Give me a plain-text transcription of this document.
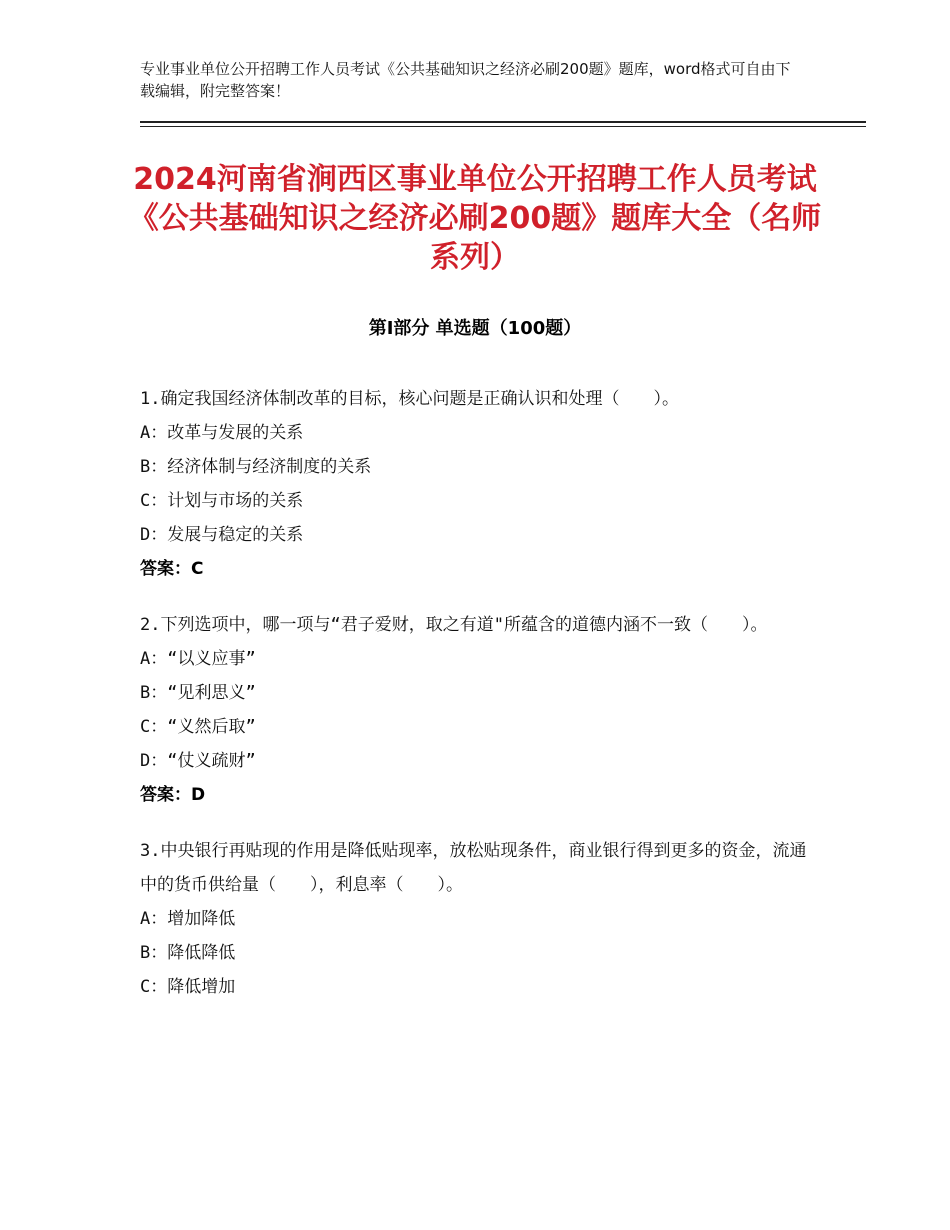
专业事业单位公开招聘工作人员考试《公共基础知识之经济必刷200题》题库，word格式可自由下载编辑，附完整答案！
2024河南省涧西区事业单位公开招聘工作人员考试《公共基础知识之经济必刷200题》题库大全（名师系列）
第Ⅰ部分 单选题（100题）

1.确定我国经济体制改革的目标，核心问题是正确认识和处理（　　）。

A：改革与发展的关系
B：经济体制与经济制度的关系
C：计划与市场的关系
D：发展与稳定的关系
答案：C

2.下列选项中，哪一项与“君子爱财，取之有道"所蕴含的道德内涵不一致（　　）。

A：“以义应事”
B：“见利思义”
C：“义然后取”
D：“仗义疏财”
答案：D

3.中央银行再贴现的作用是降低贴现率，放松贴现条件，商业银行得到更多的资金，流通中的货币供给量（　　），利息率（　　）。

A：增加降低
B：降低降低
C：降低增加
